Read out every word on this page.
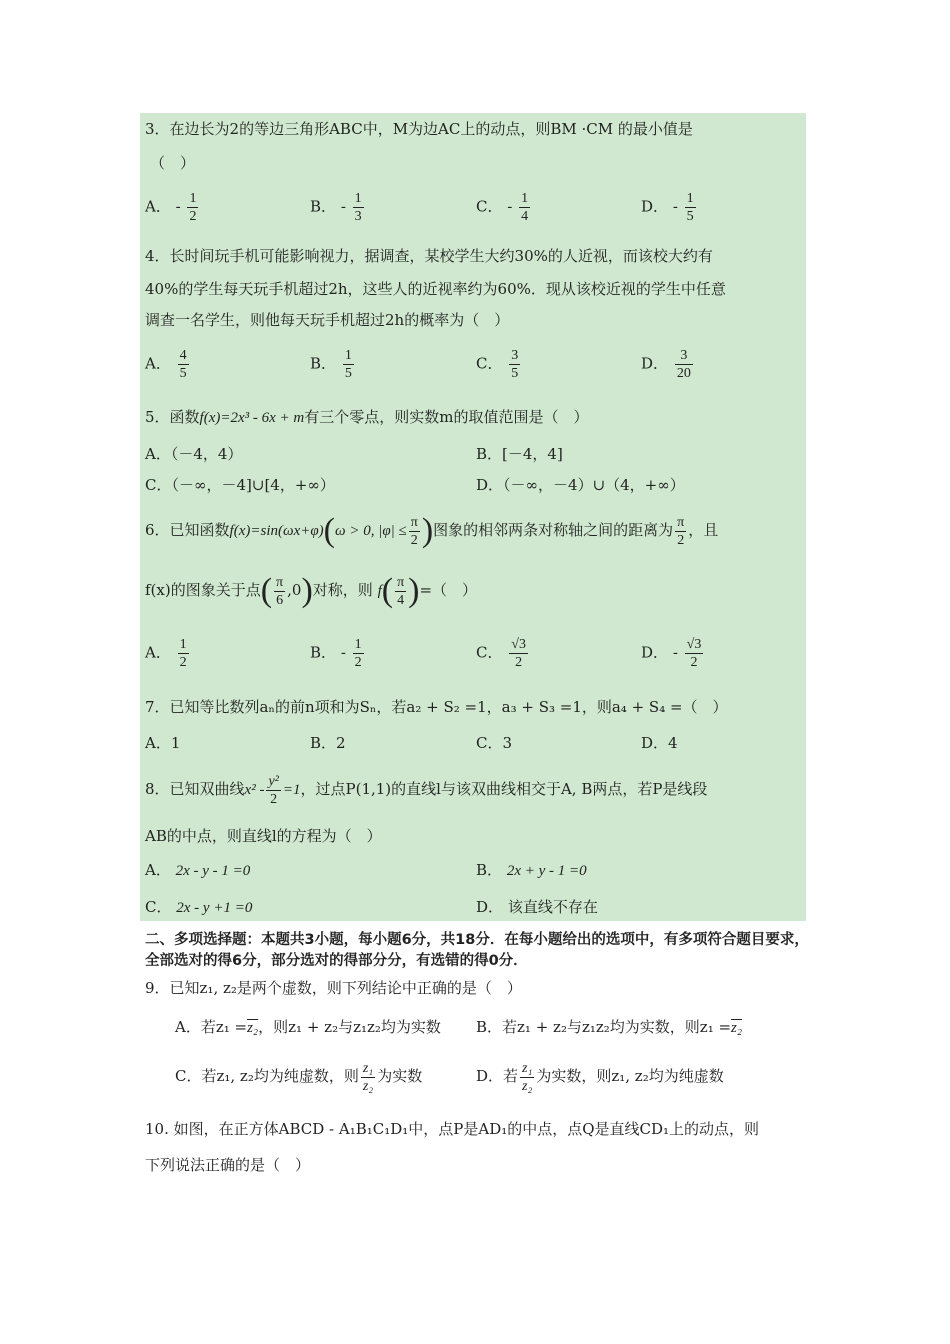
3．在边长为2的等边三角形ABC中，M为边AC上的动点，则BM ·CM 的最小值是
（　）
A． - $\frac{1}{2}$	B． - $\frac{1}{3}$	C． - $\frac{1}{4}$	D． - $\frac{1}{5}$
4．长时间玩手机可能影响视力，据调查，某校学生大约30%的人近视，而该校大约有
40%的学生每天玩手机超过2h，这些人的近视率约为60%．现从该校近视的学生中任意
调查一名学生，则他每天玩手机超过2h的概率为（　）
A． $\frac{4}{5}$	B． $\frac{1}{5}$	C． $\frac{3}{5}$	D． $\frac{3}{20}$
5．函数f(x)=2x³ - 6x + m有三个零点，则实数m的取值范围是（　）
A．（－4，4）	B．[－4，4]
C．（－∞，－4]∪[4，+∞）	D．（－∞，－4）∪（4，+∞）
6．已知函数f(x)=sin(ωx+φ)(ω > 0, $|\varphi| \le \frac{\pi}{2}$ )图象的相邻两条对称轴之间的距离为 $\frac{\pi}{2}$ ，且
f(x)的图象关于点( $\frac{\pi}{6} ,0$)对称，则 $f( \frac{\pi}{4}$ )=（　）
A． $\frac{1}{2}$	B． - $\frac{1}{2}$	C． $\frac{√3}{2}$	D． - $\frac{√3}{2}$
7．已知等比数列aₙ的前n项和为Sₙ，若a₂ + S₂ =1，a₃ + S₃ =1，则a₄ + S₄ =（　）
A．1	B．2	C．3	D．4
8．已知双曲线$x^2 - \frac{\text{y²}}{2} =1$，过点P(1,1)的直线l与该双曲线相交于A, B两点，若P是线段
AB的中点，则直线l的方程为（　）
A． 2x - y - 1 =0	B． 2x + y - 1 =0
C． 2x - y +1 =0	D． 该直线不存在
二、多项选择题：本题共3小题，每小题6分，共18分．在每小题给出的选项中，有多项符合题目要求，全部选对的得6分，部分选对的得部分分，有选错的得0分．
9．已知z₁, z₂是两个虚数，则下列结论中正确的是（　）
A．若z₁ =z₂，则z₁ + z₂与z₁z₂均为实数 B．若z₁ + z₂与z₁z₂均为实数，则z₁ =z₂
C．若z₁, z₂均为纯虚数，则 $\frac{\text{z₁}}{\text{z₂}}$ 为实数	D．若 $\frac{\text{z₁}}{\text{z₂}}$ 为实数，则z₁, z₂均为纯虚数
10. 如图，在正方体ABCD - A₁B₁C₁D₁中，点P是AD₁的中点，点Q是直线CD₁上的动点，则
下列说法正确的是（　）
